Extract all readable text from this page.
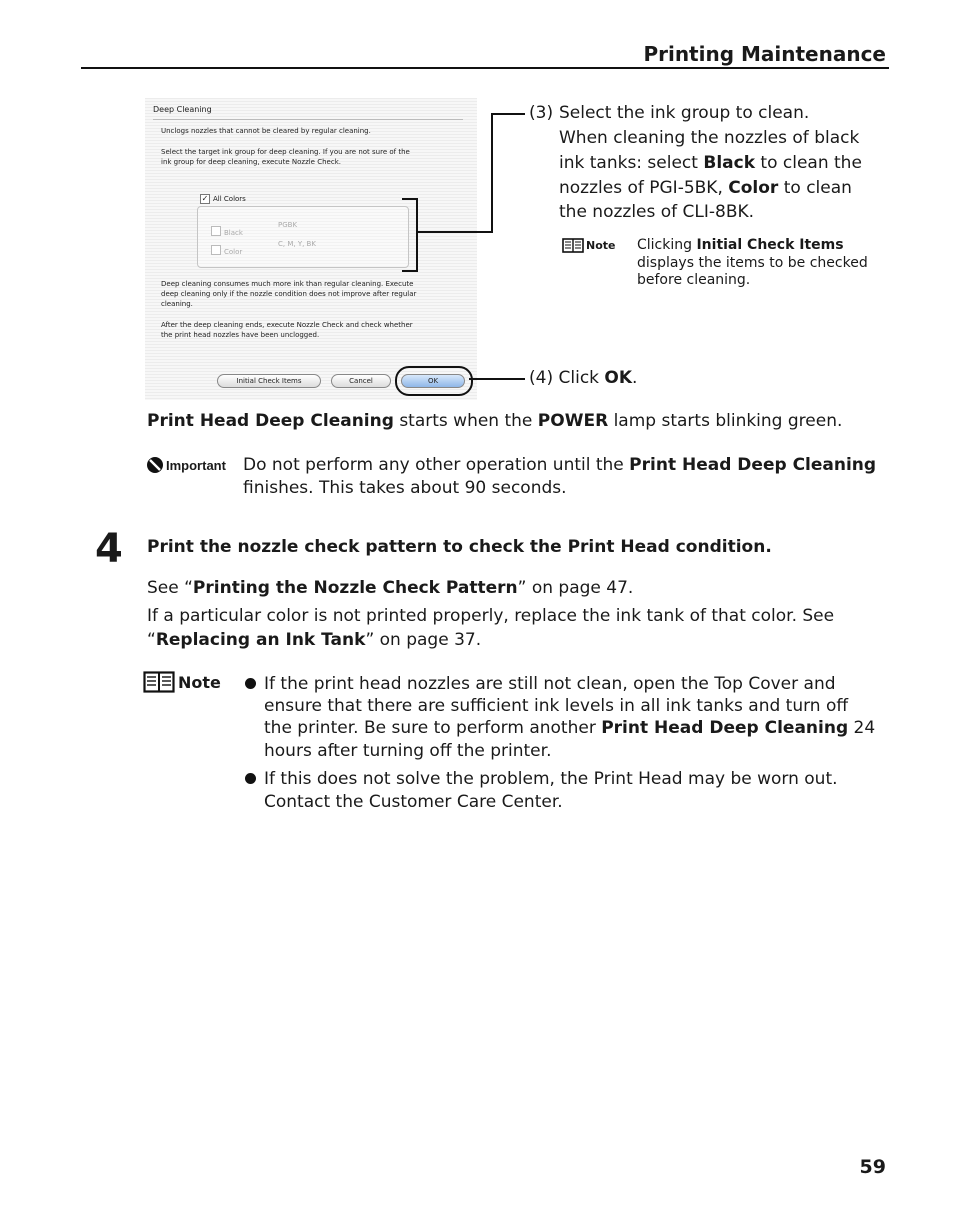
Printing Maintenance
Deep Cleaning
Unclogs nozzles that cannot be cleared by regular cleaning.
Select the target ink group for deep cleaning. If you are not sure of the
ink group for deep cleaning, execute Nozzle Check.
✓ All Colors
Black
PGBK
Color
C, M, Y, BK
Deep cleaning consumes much more ink than regular cleaning. Execute
deep cleaning only if the nozzle condition does not improve after regular
cleaning.
After the deep cleaning ends, execute Nozzle Check and check whether
the print head nozzles have been unclogged.
Initial Check Items	Cancel	OK
(3) Select the ink group to clean.
When cleaning the nozzles of black
ink tanks: select Black to clean the
nozzles of PGI-5BK, Color to clean
the nozzles of CLI-8BK.
Note Clicking Initial Check Items
displays the items to be checked
before cleaning.
(4) Click OK.
Print Head Deep Cleaning starts when the POWER lamp starts blinking green.
Important Do not perform any other operation until the Print Head Deep Cleaning
finishes. This takes about 90 seconds.
4 Print the nozzle check pattern to check the Print Head condition.
See “Printing the Nozzle Check Pattern” on page 47.
If a particular color is not printed properly, replace the ink tank of that color. See
“Replacing an Ink Tank” on page 37.
Note	If the print head nozzles are still not clean, open the Top Cover and
ensure that there are sufficient ink levels in all ink tanks and turn off
the printer. Be sure to perform another Print Head Deep Cleaning 24
hours after turning off the printer.
If this does not solve the problem, the Print Head may be worn out.
Contact the Customer Care Center.
59
